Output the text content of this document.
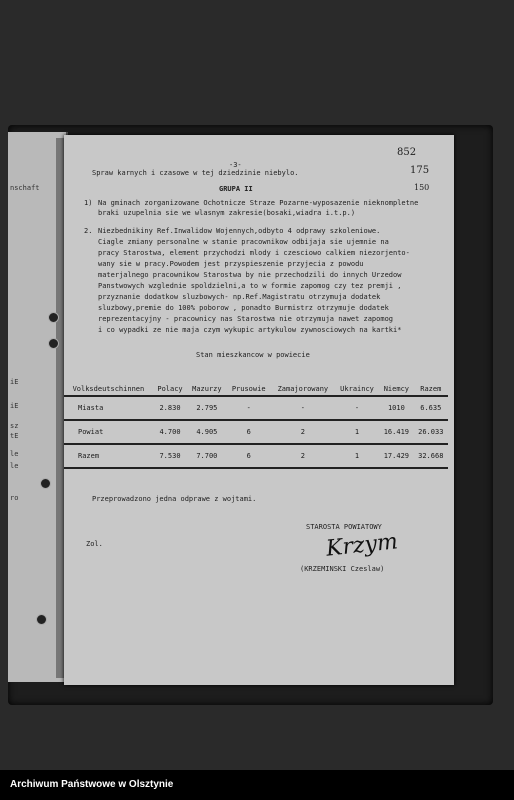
nschaft
iE
iE
sz
tE
le
le
ro
-3-
852
175
150
Spraw karnych i czasowe w tej dziedzinie niebylo.
GRUPA II
1) Na gminach zorganizowane Ochotnicze Straze Pozarne-wyposazenie nieknompletne
braki uzupelnia sie we wlasnym zakresie(bosaki,wiadra i.t.p.)
2. Niezbednikiny Ref.Inwalidow Wojennych,odbyto 4 odprawy szkoleniowe.
Ciagle zmiany personalne w stanie pracownikow odbijaja sie ujemnie na
pracy Starostwa, element przychodzi mlody i czesciowo calkiem niezorjento-
wany sie w pracy.Powodem jest przyspieszenie przyjecia z powodu
materjalnego pracownikow Starostwa by nie przechodzili do innych Urzedow
Panstwowych wzglednie spoldzielni,a to w formie zapomog czy tez premji ,
przyznanie dodatkow sluzbowych- np.Ref.Magistratu otrzymuja dodatek
sluzbowy,premie do 100% poborow , ponadto Burmistrz otrzymuje dodatek
reprezentacyjny - pracownicy nas Starostwa nie otrzymuja nawet zapomog
i co wypadki ze nie maja czym wykupic artykulow zywnosciowych na kartki*
Stan mieszkancow w powiecie
Volksdeutschinnen	Polacy	Mazurzy	Prusowie	Zamajorowany	Ukraincy	Niemcy	Razem
Miasta	2.830	2.795	-	-	-	1010	6.635
Powiat	4.700	4.905	6	2	1	16.419	26.033
Razem	7.530	7.700	6	2	1	17.429	32.668
Przeprowadzono jedna odprawe z wojtami.
Zol.
STAROSTA POWIATOWY
(KRZEMINSKI Czeslaw)
Krzym
Archiwum Państwowe w Olsztynie
